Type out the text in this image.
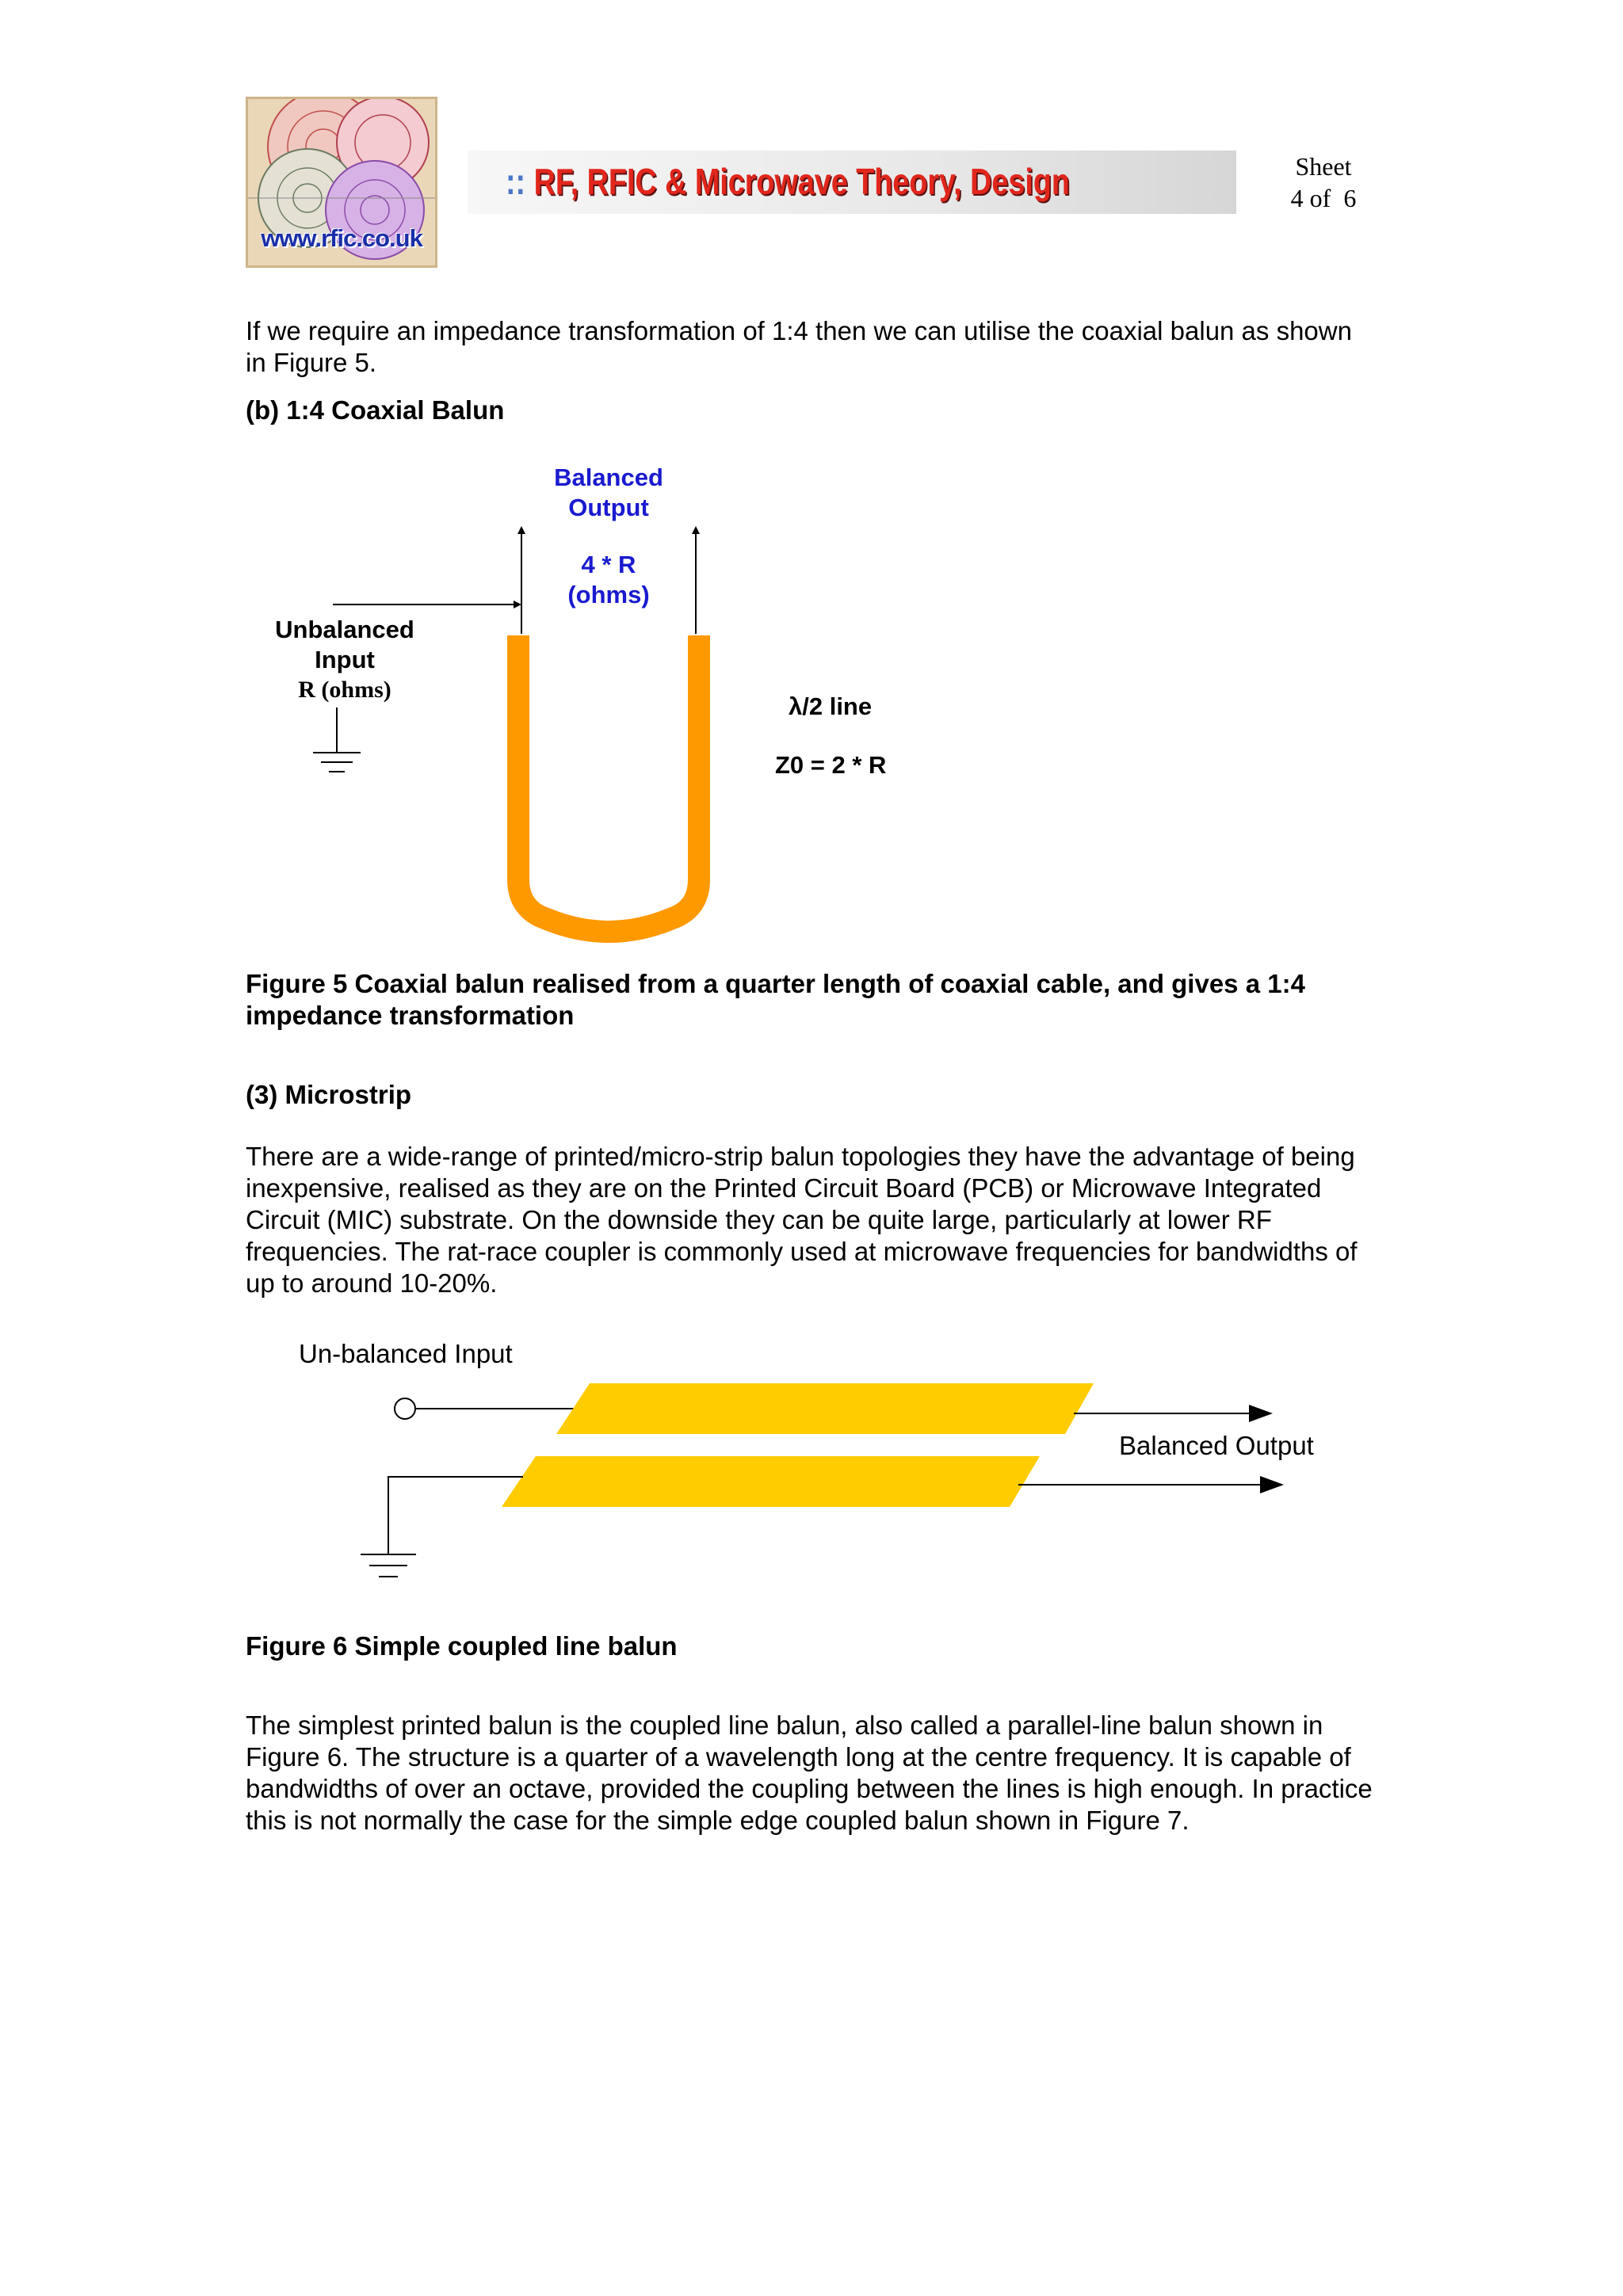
www.rfic.co.uk
:: RF, RFIC & Microwave Theory, Design	Sheet
4 of  6
If we require an impedance transformation of 1:4 then we can utilise the coaxial balun as shown in Figure 5.
(b) 1:4 Coaxial Balun
Balanced
Output
4 * R
(ohms)
Unbalanced
Input
R (ohms)
λ/2 line
Z0 = 2 * R
Figure 5 Coaxial balun realised from a quarter length of coaxial cable, and gives a 1:4 impedance transformation
(3) Microstrip
There are a wide-range of printed/micro-strip balun topologies they have the advantage of being inexpensive, realised as they are on the Printed Circuit Board (PCB) or Microwave Integrated Circuit (MIC) substrate. On the downside they can be quite large, particularly at lower RF frequencies. The rat-race coupler is commonly used at microwave frequencies for bandwidths of up to around 10-20%.
Un-balanced Input
Balanced Output
Figure 6 Simple coupled line balun
The simplest printed balun is the coupled line balun, also called a parallel-line balun shown in Figure 6. The structure is a quarter of a wavelength long at the centre frequency. It is capable of bandwidths of over an octave, provided the coupling between the lines is high enough. In practice this is not normally the case for the simple edge coupled balun shown in Figure 7.
